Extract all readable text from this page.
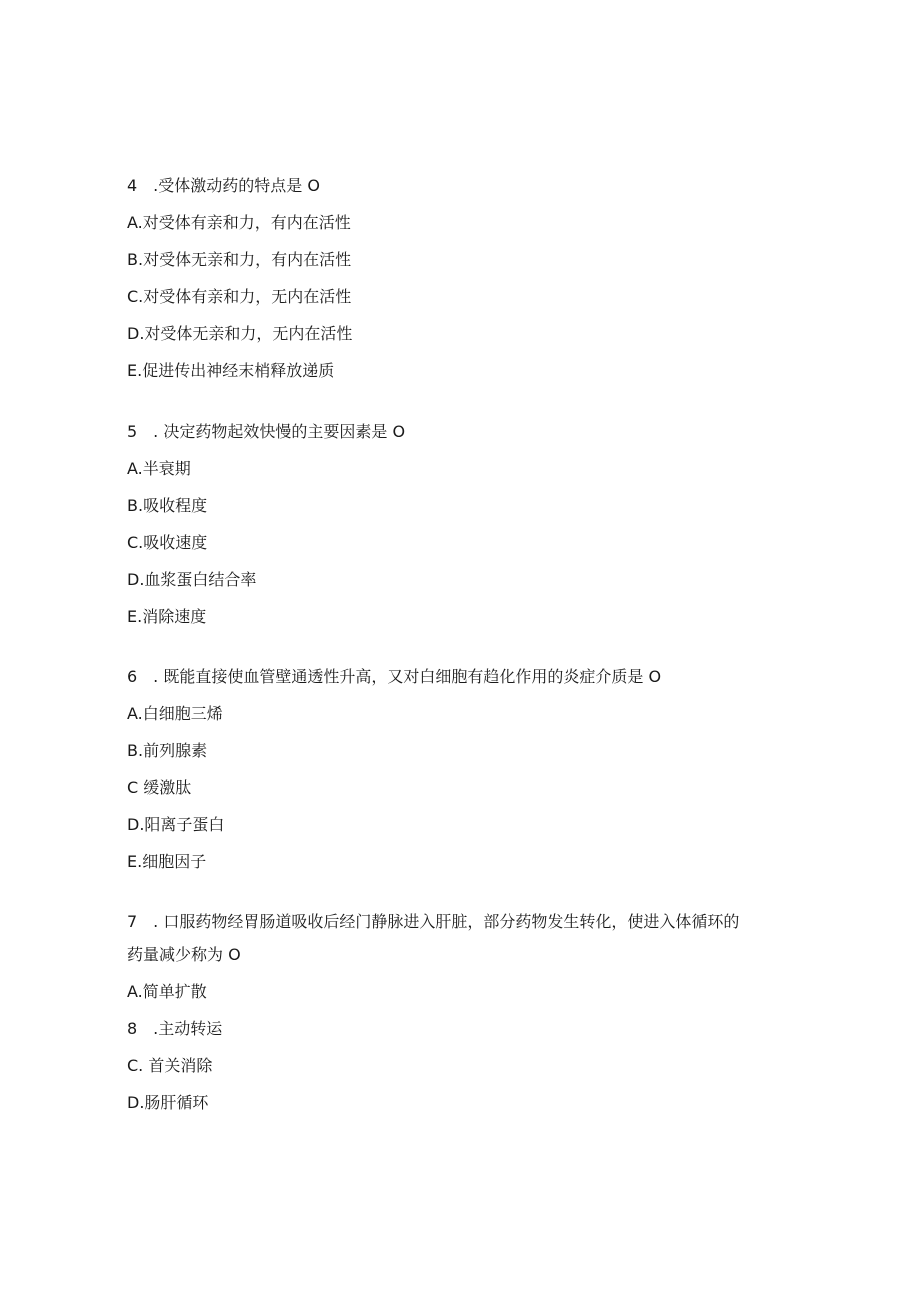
4　.受体激动药的特点是 O
A.对受体有亲和力，有内在活性
B.对受体无亲和力，有内在活性
C.对受体有亲和力，无内在活性
D.对受体无亲和力，无内在活性
E.促进传出神经末梢释放递质
5　. 决定药物起效快慢的主要因素是 O
A.半衰期
B.吸收程度
C.吸收速度
D.血浆蛋白结合率
E.消除速度
6　. 既能直接使血管壁通透性升高，又对白细胞有趋化作用的炎症介质是 O
A.白细胞三烯
B.前列腺素
C 缓激肽
D.阳离子蛋白
E.细胞因子
7　. 口服药物经胃肠道吸收后经门静脉进入肝脏，部分药物发生转化，使进入体循环的
药量减少称为 O
A.简单扩散
8　.主动转运
C. 首关消除
D.肠肝循环
